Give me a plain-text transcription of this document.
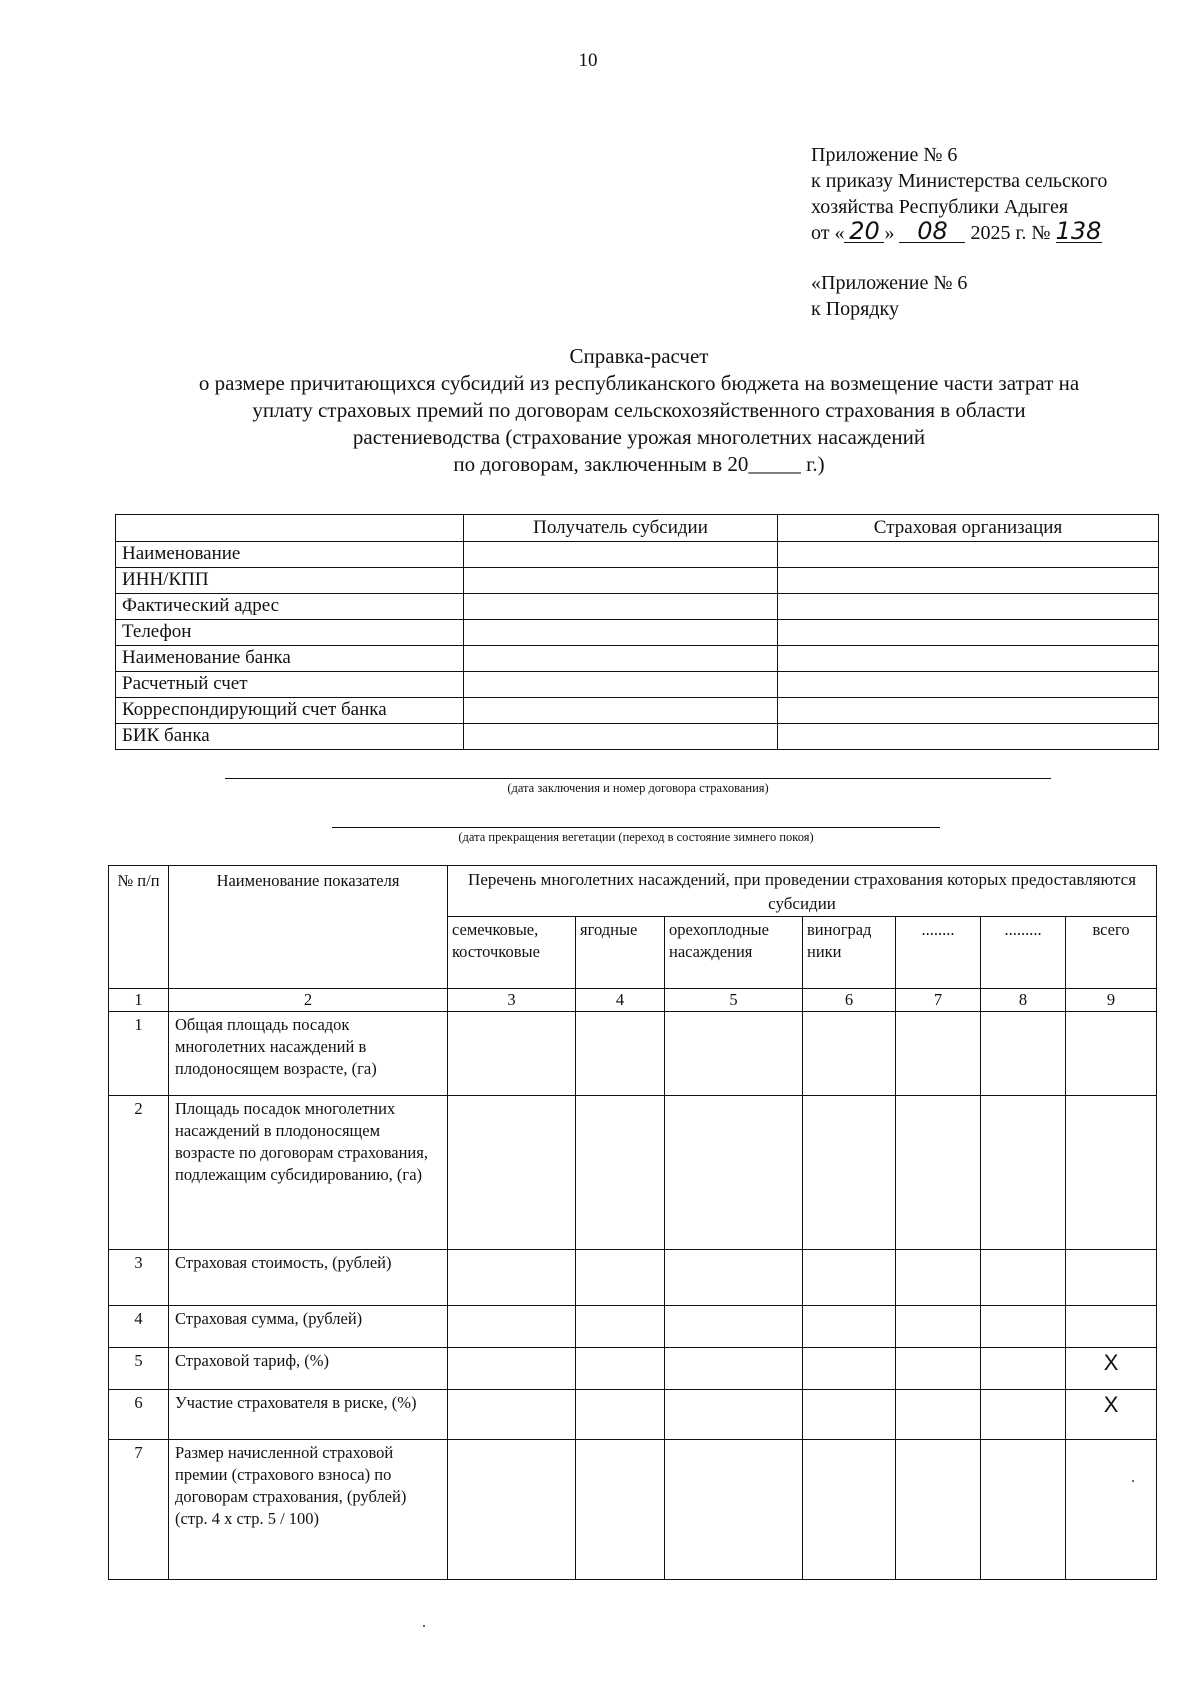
10
Приложение № 6
к приказу Министерства сельского
хозяйства Республики Адыгея
от « 20 » 08 2025 г. № 138
«Приложение № 6
к Порядку
Справка-расчет
о размере причитающихся субсидий из республиканского бюджета на возмещение части затрат на
уплату страховых премий по договорам сельскохозяйственного страхования в области
растениеводства (страхование урожая многолетних насаждений
по договорам, заключенным в 20_____ г.)
	Получатель субсидии	Страховая организация
Наименование		
ИНН/КПП		
Фактический адрес		
Телефон		
Наименование банка		
Расчетный счет		
Корреспондирующий счет банка		
БИК банка		
(дата заключения и номер договора страхования)
(дата прекращения вегетации (переход в состояние зимнего покоя)
№ п/п	Наименование показателя	Перечень многолетних насаждений, при проведении страхования которых предоставляются субсидии						
		семечковые, косточковые	ягодные	орехоплодные насаждения	виноград ники	........	.........	всего
1	2	3	4	5	6	7	8	9
1	Общая площадь посадок многолетних насаждений в плодоносящем возрасте, (га)							
2	Площадь посадок многолетних насаждений в плодоносящем возрасте по договорам страхования, подлежащим субсидированию, (га)							
3	Страховая стоимость, (рублей)							
4	Страховая сумма, (рублей)							
5	Страховой тариф, (%)							X
6	Участие страхователя в риске, (%)							X
7	Размер начисленной страховой премии (страхового взноса) по договорам страхования, (рублей) (стр. 4 х стр. 5 / 100)							
